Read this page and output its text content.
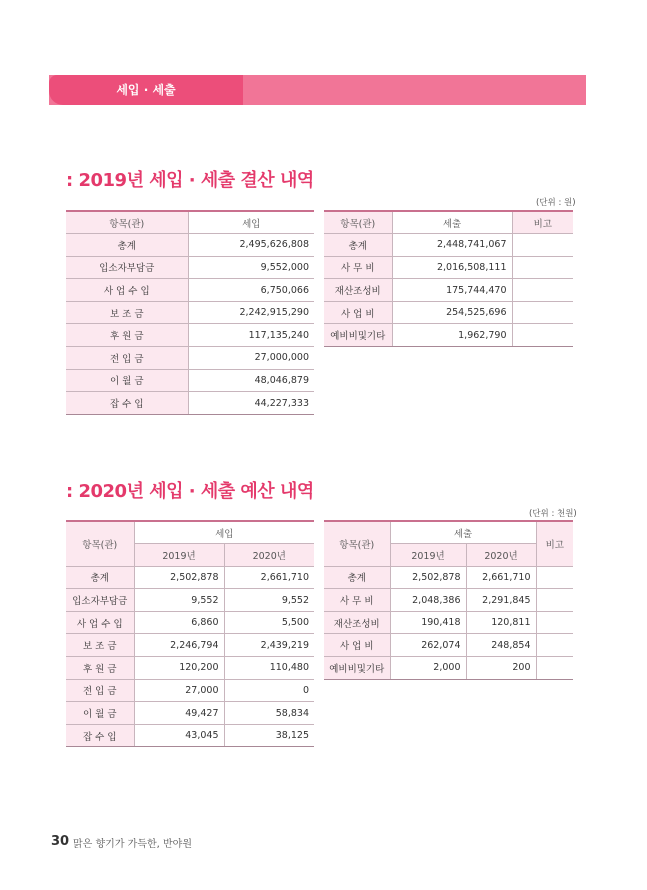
세입 · 세출
: 2019년 세입 · 세출 결산 내역
(단위 : 원)
항목(관)	세입
총계	2,495,626,808
입소자부담금	9,552,000
사 업 수 입	6,750,066
보 조 금	2,242,915,290
후 원 금	117,135,240
전 입 금	27,000,000
이 월 금	48,046,879
잡 수 입	44,227,333
항목(관)	세출	비고
총계	2,448,741,067	
사 무 비	2,016,508,111	
재산조성비	175,744,470	
사 업 비	254,525,696	
예비비및기타	1,962,790	
: 2020년 세입 · 세출 예산 내역
(단위 : 천원)
항목(관)	세입	
	2019년	2020년
총계	2,502,878	2,661,710
입소자부담금	9,552	9,552
사 업 수 입	6,860	5,500
보 조 금	2,246,794	2,439,219
후 원 금	120,200	110,480
전 입 금	27,000	0
이 월 금	49,427	58,834
잡 수 입	43,045	38,125
항목(관)	세출		비고
	2019년	2020년	
총계	2,502,878	2,661,710	
사 무 비	2,048,386	2,291,845	
재산조성비	190,418	120,811	
사 업 비	262,074	248,854	
예비비및기타	2,000	200	
30 맑은 향기가 가득한, 반야원
